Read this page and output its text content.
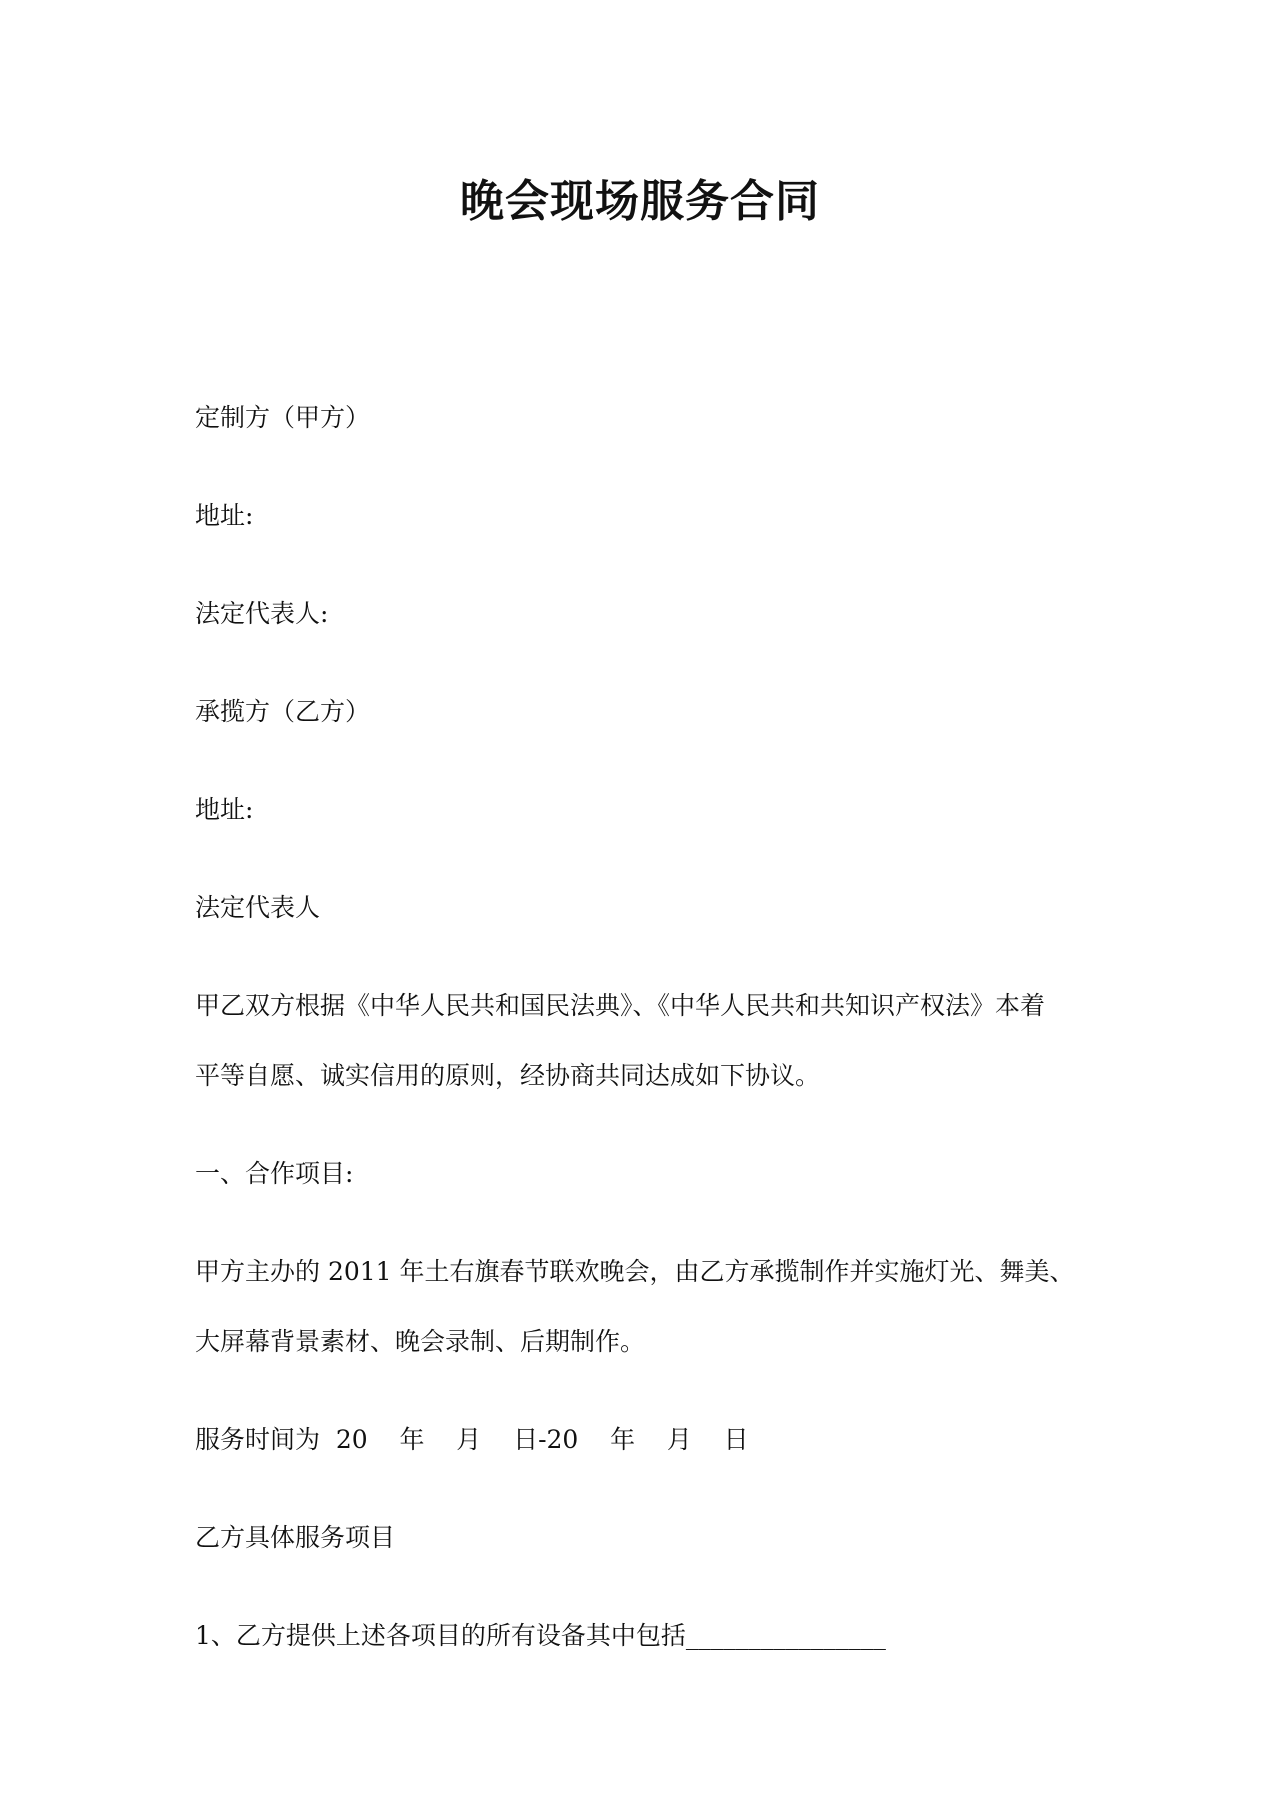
晚会现场服务合同
定制方（甲方）
地址:
法定代表人:
承揽方（乙方）
地址:
法定代表人
甲乙双方根据《中华人民共和国民法典》、《中华人民共和共知识产权法》本着
平等自愿、诚实信用的原则，经协商共同达成如下协议。
一、合作项目:
甲方主办的 2011 年土右旗春节联欢晚会，由乙方承揽制作并实施灯光、舞美、
大屏幕背景素材、晚会录制、后期制作。
服务时间为  20    年    月    日-20    年    月    日
乙方具体服务项目
1、乙方提供上述各项目的所有设备其中包括________________
